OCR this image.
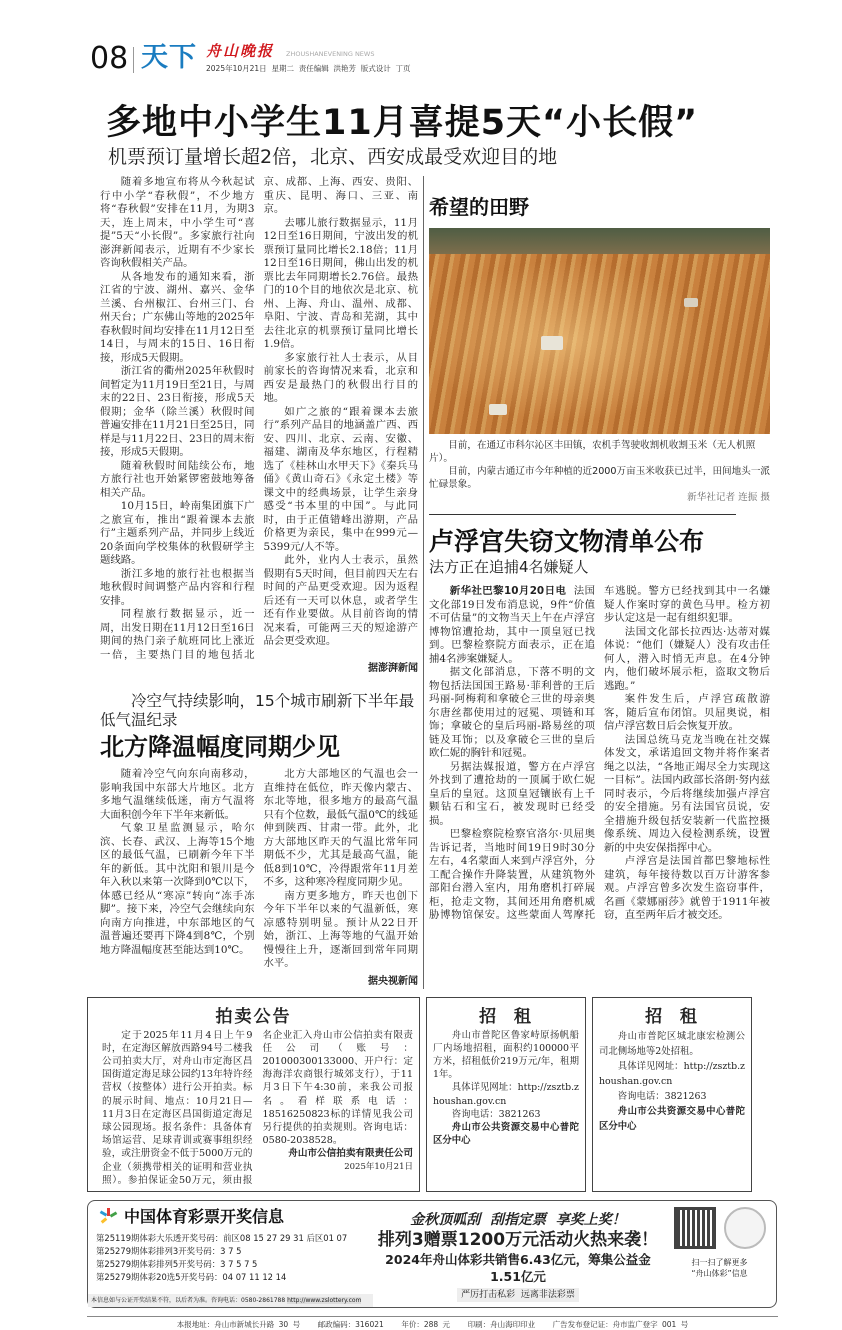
08 天下 舟山晚报 ZHOUSHANEVENING NEWS
2025年10月21日  星期二  责任编辑  洪艳芳  版式设计  丁页
多地中小学生11月喜提5天“小长假”
机票预订量增长超2倍，北京、西安成最受欢迎目的地

随着多地宣布将从今秋起试行中小学“春秋假”，不少地方将“春秋假”安排在11月，为期3天，连上周末，中小学生可“喜提”5天“小长假”。多家旅行社向澎湃新闻表示，近期有不少家长咨询秋假相关产品。

从各地发布的通知来看，浙江省的宁波、湖州、嘉兴、金华兰溪、台州椒江、台州三门、台州天台；广东佛山等地的2025年春秋假时间均安排在11月12日至14日，与周末的15日、16日衔接，形成5天假期。

浙江省的衢州2025年秋假时间暂定为11月19日至21日，与周末的22日、23日衔接，形成5天假期；金华（除兰溪）秋假时间普遍安排在11月21日至25日，同样是与11月22日、23日的周末衔接，形成5天假期。

随着秋假时间陆续公布，地方旅行社也开始紧锣密鼓地筹备相关产品。

10月15日，岭南集团旗下广之旅宣布，推出“跟着课本去旅行”主题系列产品，并同步上线近20条面向学校集体的秋假研学主题线路。

浙江多地的旅行社也根据当地秋假时间调整产品内容和行程安排。

同程旅行数据显示，近一周，出发日期在11月12日至16日期间的热门亲子航班同比上涨近一倍，主要热门目的地包括北京、成都、上海、西安、贵阳、重庆、昆明、海口、三亚、南京。

去哪儿旅行数据显示，11月12日至16日期间，宁波出发的机票预订量同比增长2.18倍；11月12日至16日期间，佛山出发的机票比去年同期增长2.76倍。最热门的10个目的地依次是北京、杭州、上海、舟山、温州、成都、阜阳、宁波、青岛和芜湖，其中去往北京的机票预订量同比增长1.9倍。

多家旅行社人士表示，从目前家长的咨询情况来看，北京和西安是最热门的秋假出行目的地。

如广之旅的“跟着课本去旅行”系列产品目的地涵盖广西、西安、四川、北京、云南、安徽、福建、湖南及华东地区，行程精选了《桂林山水甲天下》《秦兵马俑》《黄山奇石》《永定土楼》等课文中的经典场景，让学生亲身感受“书本里的中国”。与此同时，由于正值错峰出游期，产品价格更为亲民，集中在999元—5399元/人不等。

此外，业内人士表示，虽然假期有5天时间，但目前四天左右时间的产品更受欢迎。因为返程后还有一天可以休息，或者学生还有作业要做。从目前咨询的情况来看，可能两三天的短途游产品会更受欢迎。

据澎湃新闻
冷空气持续影响，15个城市刷新下半年最低气温纪录
北方降温幅度同期少见

随着冷空气向东向南移动，影响我国中东部大片地区。北方多地气温继续低迷，南方气温将大面积创今年下半年来新低。

气象卫星监测显示，哈尔滨、长春、武汉、上海等15个地区的最低气温，已刷新今年下半年的新低。其中沈阳和银川是今年入秋以来第一次降到0℃以下，体感已经从“寒凉”转向“冻手冻脚”。接下来，冷空气会继续向东向南方向推进，中东部地区的气温普遍还要再下降4到8℃，个别地方降温幅度甚至能达到10℃。

北方大部地区的气温也会一直维持在低位，昨天像内蒙古、东北等地，很多地方的最高气温只有个位数，最低气温0℃的线延伸到陕西、甘肃一带。此外，北方大部地区昨天的气温比常年同期低不少，尤其是最高气温，能低8到10℃，冷得跟常年11月差不多，这种寒冷程度同期少见。

南方更多地方，昨天也创下今年下半年以来的气温新低，寒凉感特别明显。预计从22日开始，浙江、上海等地的气温开始慢慢往上升，逐渐回到常年同期水平。

据央视新闻
希望的田野
目前，在通辽市科尔沁区丰田镇，农机手驾驶收割机收割玉米（无人机照片）。
目前，内蒙古通辽市今年种植的近2000万亩玉米收获已过半，田间地头一派忙碌景象。
新华社记者 连振 摄
卢浮宫失窃文物清单公布
法方正在追捕4名嫌疑人

新华社巴黎10月20日电 法国文化部19日发布消息说，9件“价值不可估量”的文物当天上午在卢浮宫博物馆遭抢劫，其中一顶皇冠已找到。巴黎检察院方面表示，正在追捕4名涉案嫌疑人。

据文化部消息，下落不明的文物包括法国国王路易·菲利普的王后玛丽-阿梅莉和拿破仑三世的母亲奥尔唐丝都使用过的冠冕、项链和耳饰；拿破仑的皇后玛丽-路易丝的项链及耳饰；以及拿破仑三世的皇后欧仁妮的胸针和冠冕。

另据法媒报道，警方在卢浮宫外找到了遭抢劫的一顶属于欧仁妮皇后的皇冠。这顶皇冠镶嵌有上千颗钻石和宝石，被发现时已经受损。

巴黎检察院检察官洛尔·贝屈奥告诉记者，当地时间19日9时30分左右，4名蒙面人来到卢浮宫外，分工配合操作升降装置，从建筑物外部阳台潜入室内，用角磨机打碎展柜，抢走文物，其间还用角磨机威胁博物馆保安。这些蒙面人驾摩托车逃脱。警方已经找到其中一名嫌疑人作案时穿的黄色马甲。检方初步认定这是一起有组织犯罪。

法国文化部长拉西达·达蒂对媒体说：“他们（嫌疑人）没有攻击任何人，潜入时悄无声息。在4分钟内，他们破坏展示柜，盗取文物后逃跑。”

案件发生后，卢浮宫疏散游客，随后宣布闭馆。贝屈奥说，相信卢浮宫数日后会恢复开放。

法国总统马克龙当晚在社交媒体发文，承诺追回文物并将作案者绳之以法，“各地正竭尽全力实现这一目标”。法国内政部长洛朗·努内兹同时表示，今后将继续加强卢浮宫的安全措施。另有法国官员说，安全措施升级包括安装新一代监控摄像系统、周边入侵检测系统，设置新的中央安保指挥中心。

卢浮宫是法国首都巴黎地标性建筑，每年接待数以百万计游客参观。卢浮宫曾多次发生盗窃事件，名画《蒙娜丽莎》就曾于1911年被窃，直至两年后才被交还。

拍卖公告

定于2025年11月4日上午9时，在定海区解放西路94号二楼我公司拍卖大厅，对舟山市定海区昌国街道定海足球公园约13年特许经营权（按整体）进行公开拍卖。标的展示时间、地点：10月21日—11月3日在定海区昌国街道定海足球公园现场。报名条件：具备体育场馆运营、足球青训或赛事组织经验，或注册资金不低于5000万元的企业（须携带相关的证明和营业执照）。参拍保证金50万元，须由报名企业汇入舟山市公信拍卖有限责任公司（账号：201000300133000、开户行：定海海洋农商银行城郊支行），于11月3日下午4:30前，来我公司报名。看样联系电话：18516250823标的详情见我公司另行提供的拍卖规则。咨询电话：0580-2038528。

舟山市公信拍卖有限责任公司
2025年10月21日
招  租

舟山市普陀区鲁家峙原扬帆船厂内场地招租，面积约100000平方米，招租低价219万元/年，租期1年。

具体详见网址：http://zsztb.zhoushan.gov.cn

咨询电话：3821263

舟山市公共资源交易中心普陀区分中心

招  租

舟山市普陀区城北康宏检测公司北侧场地等2处招租。

具体详见网址：http://zsztb.zhoushan.gov.cn

咨询电话：3821263

舟山市公共资源交易中心普陀区分中心

中国体育彩票开奖信息
第25119期体彩大乐透开奖号码：前区08 15 27 29 31 后区01 07
第25279期体彩排列3开奖号码：3 7 5
第25279期体彩排列5开奖号码：3 7 5 7 5
第25279期体彩20选5开奖号码：04 07 11 12 14
本信息如与公证开奖结果不符，以后者为准。咨询电话：0580-2861788 http://www.zslottery.com
金秋顶呱刮  刮指定票  享奖上奖！
排列3赠票1200万元活动火热来袭！
2024年舟山体彩共销售6.43亿元，筹集公益金1.51亿元
严厉打击私彩  远离非法彩票
扫一扫了解更多
“舟山体彩”信息
本报地址：舟山市新城长升路 30 号 邮政编码：316021 年价：288 元 印刷：舟山海印印业 广告发布登记证：舟市监广登字 001 号
